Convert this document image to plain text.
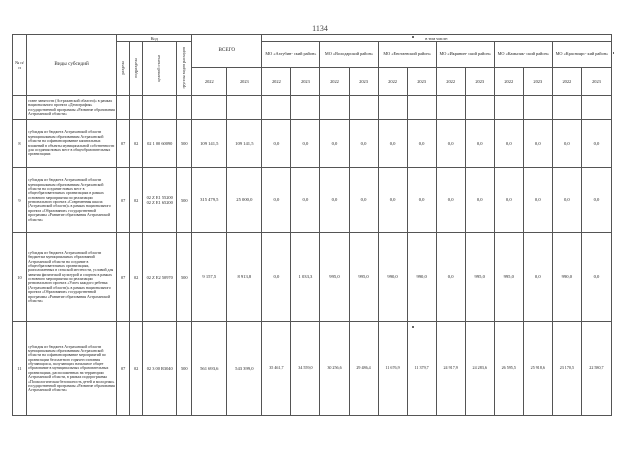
1134
№ п/п	Виды субсидий	Код				ВСЕГО		в том числе:											
		раздела	подраздела	целевой статьи	группы видов расходов			МО «Ахтубин- ский район»		МО «Володарский район»		МО «Енотаевский район»		МО «Икрянин- ский район»		МО «Камызяк- ский район»		МО «Красноярс- кий район»	
						2022	2023	2022	2023	2022	2023	2022	2023	2022	2023	2022	2023	2022	2023
	стане занятости (Астраханской области)» в рамках национального проекта «Демография» государственной программы «Развитие образования Астраханской области»																		
8	субсидия из бюджета Астраханской области муниципальным образованиям Астраханской области на софинансирование капитальных вложений в объекты муниципальной собственности для создания новых мест в общеобразовательных организациях	07	02	02 1 00 60090	500	109 141,5	109 141,5	0,0	0,0	0,0	0,0	0,0	0,0	0,0	0,0	0,0	0,0	0,0	0,0
9	субсидия из бюджета Астраханской области муниципальным образованиям Астраханской области на создание новых мест в общеобразовательных организациях в рамках основного мероприятия по реализации регионального проекта «Современная школа (Астраханской области)» в рамках национального проекта «Образование» государственной программы «Развитие образования Астраханской области»	07	02	02 Z E1 55200 02 Z E1 65200	500	315 479,5	25 000,0	0,0	0,0	0,0	0,0	0,0	0,0	0,0	0,0	0,0	0,0	0,0	0,0
10	субсидия из бюджета Астраханской области бюджетам муниципальных образований Астраханской области на создание в общеобразовательных организациях, расположенных в сельской местности, условий для занятия физической культурой и спортом в рамках основного мероприятия по реализации регионального проекта «Успех каждого ребенка (Астраханской области)» в рамках национального проекта «Образование» государственной программы «Развитие образования Астраханской области»	07	02	02 Z E2 50970	500	9 157,5	8 913,8	0,0	1 033,3	995,0	995,0	990,0	990,0	0,0	995,0	995,0	0,0	990,0	0,0
11	субсидия из бюджета Астраханской области муниципальным образованиям Астраханской области на софинансирование мероприятий по организации бесплатного горячего питания обучающихся, получающих начальное общее образование в муниципальных образовательных организациях, расположенных на территории Астраханской области, в рамках подпрограммы «Психологическая безопасность детей и молодежи» государственной программы «Развитие образования Астраханской области»	07	02	02 3 00 R3040	500	561 693,6	543 399,0	35 461,7	34 559,0	30 256,6	29 486,4	11 676,9	11 379,7	24 917,9	24 283,6	26 595,5	25 918,6	23 170,5	22 580,7
